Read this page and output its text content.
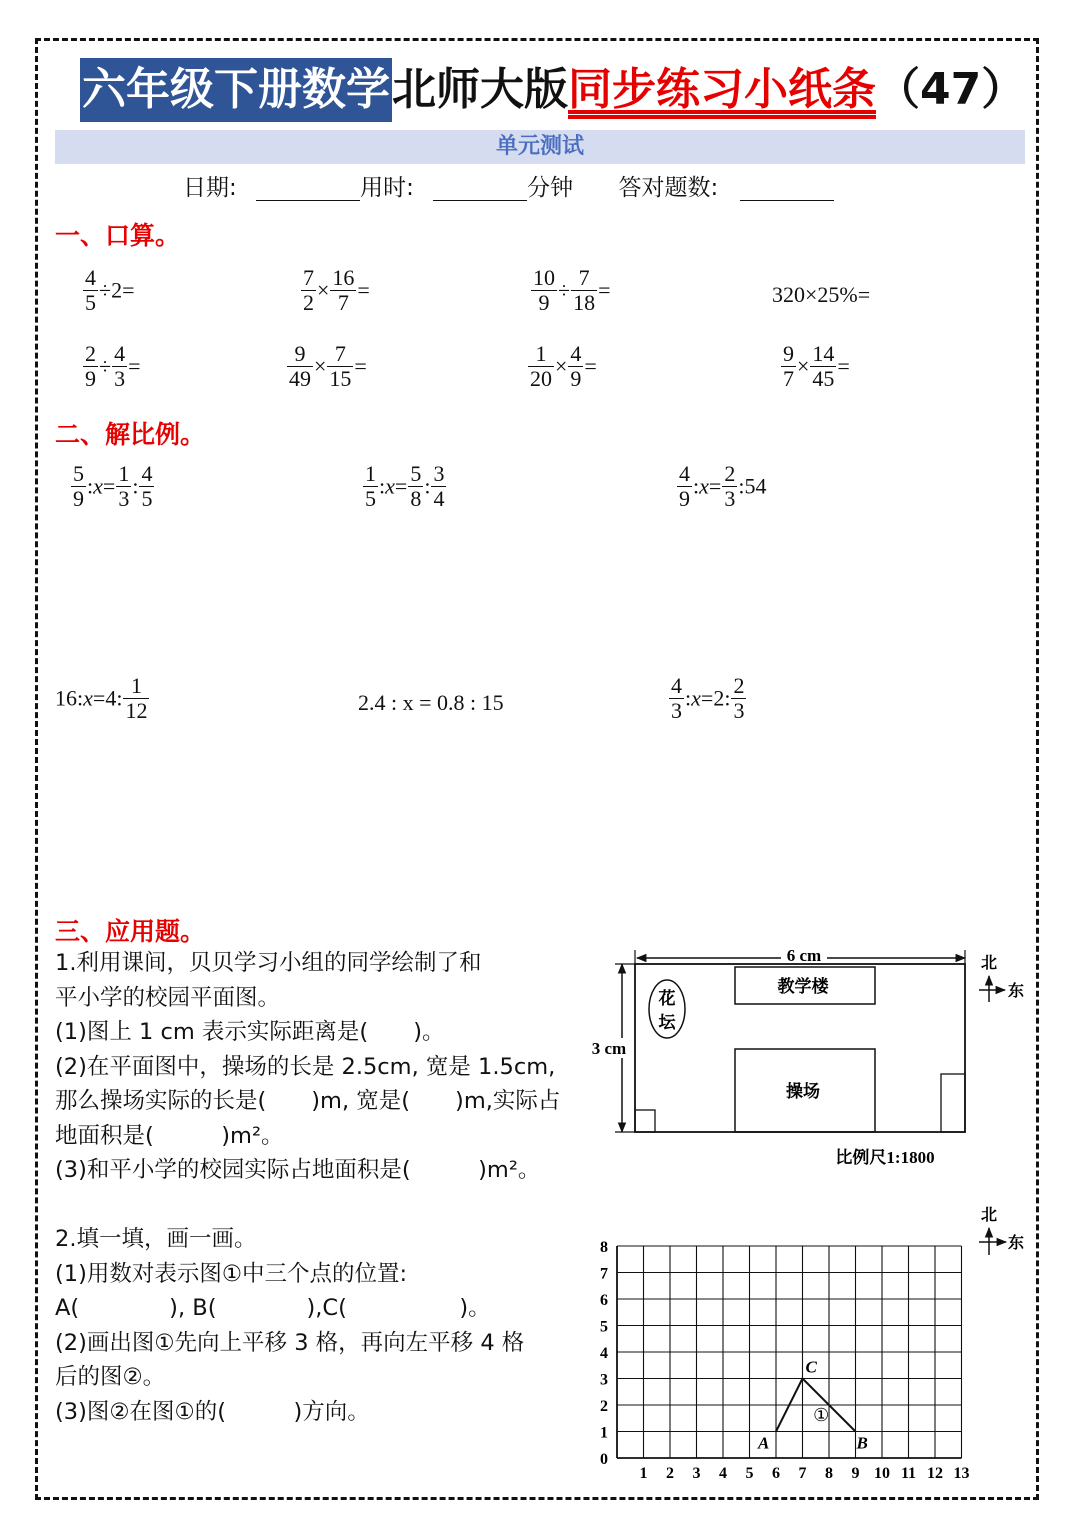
六年级下册数学北师大版同步练习小纸条（47）
单元测试
日期:	用时:	分钟 答对题数:
一、口算。
$\frac{4}{5} \div 2=$	$\frac{7}{2} \times \frac{16}{7}$ =	$\frac{10}{9} \div \frac{7}{18}$ =	320×25%=
$\frac{2}{9} \div \frac{4}{3}$ =	$\frac{9}{49} \times \frac{7}{15}$ =	$\frac{1}{20} \times \frac{4}{9}$ =	$\frac{9}{7} \times \frac{14}{45}$ =
二、解比例。
$\frac{5}{9}$ :x= $\frac{1}{3}$ : $\frac{4}{5}$	$\frac{1}{5}$ :x= $\frac{5}{8}$ : $\frac{3}{4}$	$\frac{4}{9}$ :x= $\frac{2}{3}$ :54
16:x=4: $\frac{1}{12}$	2.4 : x = 0.8 : 15	$\frac{4}{3}$ :x=2: $\frac{2}{3}$
三、应用题。
1.利用课间，贝贝学习小组的同学绘制了和
平小学的校园平面图。
(1)图上 1 cm 表示实际距离是(　　)。
(2)在平面图中，操场的长是 2.5cm, 宽是 1.5cm,
那么操场实际的长是(　　)m, 宽是(　　)m,实际占
地面积是(　　　)m²。
(3)和平小学的校园实际占地面积是(　　　)m²。
2.填一填，画一画。
(1)用数对表示图①中三个点的位置:
A(　　　　), B(　　　　),C(　　　　　)。
(2)画出图①先向上平移 3 格，再向左平移 4 格
后的图②。
(3)图②在图①的(　　　)方向。
6 cm
3 cm
教学楼
花
坛
操场
比例尺1:1800
北
东
1 2 3 4 5 6 7 8 9 10 11 12 13
0
1
2
3
4
5
6
7
8
A	B
C
①
北
东
